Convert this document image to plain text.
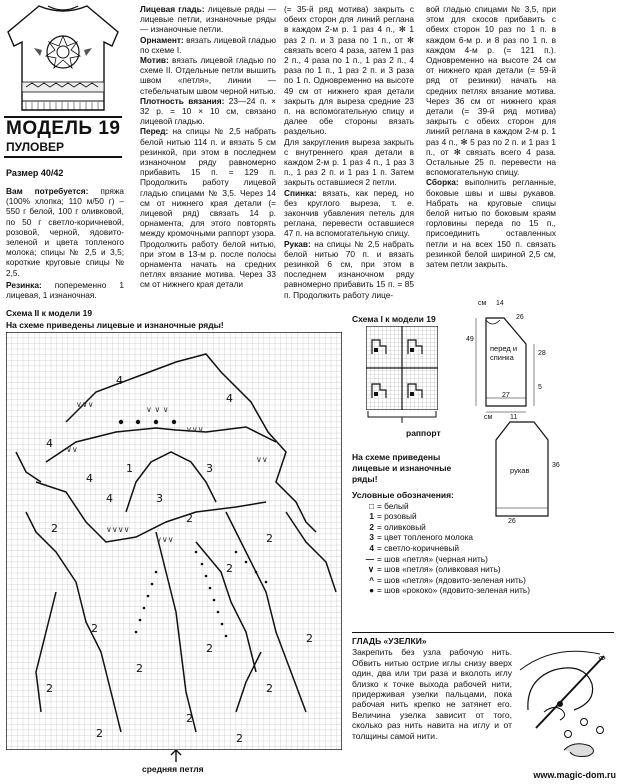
МОДЕЛЬ 19
ПУЛОВЕР
Размер 40/42

Вам потребуется: пряжа (100% хлопка; 110 м/50 г) – 550 г белой, 100 г оливковой, по 50 г светло-коричневой, розовой, черной, ядовито-зеленой и цвета топленого молока; спицы № 2,5 и 3,5; короткие круговые спицы № 2,5.

Резинка: попеременно 1 лицевая, 1 изнаночная.

Лицевая гладь: лицевые ряды — лицевые петли, изнаночные ряды — изнаночные петли.

Орнамент: вязать лицевой гладью по схеме I.

Мотив: вязать лицевой гладью по схеме II. Отдельные петли вышить швом «петля», линии — стебельчатым швом черной нитью.

Плотность вязания: 23—24 п. × 32 р. = 10 × 10 см, связано лицевой гладью.

Перед: на спицы № 2,5 набрать белой нитью 114 п. и вязать 5 см резинкой, при этом в последнем изнаночном ряду равномерно прибавить 15 п. = 129 п. Продолжить работу лицевой гладью спицами № 3,5. Через 14 см от нижнего края детали (= лицевой ряд) связать 14 р. орнамента, для этого повторять между кромочными раппорт узора. Продолжить работу белой нитью, при этом в 13-м р. после полосы орнамента начать на средних петлях вязание мотива. Через 33 см от нижнего края детали

(= 35-й ряд мотива) закрыть с обеих сторон для линий реглана в каждом 2-м р. 1 раз 4 п., ✻ 1 раз 2 п. и 3 раза по 1 п., от ✻ связать всего 4 раза, затем 1 раз 2 п., 4 раза по 1 п., 1 раз 2 п., 4 раза по 1 п., 1 раз 2 п. и 3 раза по 1 п. Одновременно на высоте 49 см от нижнего края детали закрыть для выреза средние 23 п. на вспомогательную спицу и далее обе стороны вязать раздельно.

Для закругления выреза закрыть с внутреннего края детали в каждом 2-м р. 1 раз 4 п., 1 раз 3 п., 1 раз 2 п. и 1 раз 1 п. Затем закрыть оставшиеся 2 петли.

Спинка: вязать, как перед, но без круглого выреза, т. е. закончив убавления петель для реглана, перевести оставшиеся 47 п. на вспомогательную спицу.

Рукав: на спицы № 2,5 набрать белой нитью 70 п. и вязать резинкой 6 см, при этом в последнем изнаночном ряду равномерно прибавить 15 п. = 85 п. Продолжить работу лице-

вой гладью спицами № 3,5, при этом для скосов прибавить с обеих сторон 10 раз по 1 п. в каждом 6-м р. и 8 раз по 1 п. в каждом 4-м р. (= 121 п.). Одновременно на высоте 24 см от нижнего края детали (= 59-й ряд от резинки) начать на средних петлях вязание мотива. Через 36 см от нижнего края детали (= 39-й ряд мотива) закрыть с обеих сторон для линий реглана в каждом 2-м р. 1 раз 4 п., ✻ 5 раз по 2 п. и 1 раз 1 п., от ✻ связать всего 4 раза. Остальные 25 п. перевести на вспомогательную спицу.

Сборка: выполнить регланные, боковые швы и швы рукавов. Набрать на круговые спицы белой нитью по боковым краям горловины переда по 15 п., присоединить оставленных петли и на всех 150 п. связать резинкой белой шириной 2,5 см, затем петли закрыть.

Схема II к модели 19
На схеме приведены лицевые и изнаночные ряды!
4
4
4
4
4
2
2
2
2
2
2
2
2
2
2
2
2
2
3
3
1
∨∨∨
∨∨∨
∨ ∨ ∨
∨∨
∨∨
∨∨∨∨
∨∨∨
средняя петля
Схема I к модели 19
раппорт
На схеме приведены лицевые и изнаночные ряды!
перед и спинка
49
28
27
14
26
5
см
рукав
11
36
26
см
Условные обозначения:
□ = белый
1 = розовый
2 = оливковый
3 = цвет топленого молока
4 = светло-коричневый
— = шов «петля» (черная нить)
∨ = шов «петля» (оливковая нить)
^ = шов «петля» (ядовито-зеленая нить)
● = шов «рококо» (ядовито-зеленая нить)
ГЛАДЬ «УЗЕЛКИ»
Закрепить без узла рабочую нить. Обвить нитью острие иглы снизу вверх один, два или три раза и вколоть иглу близко к точке выхода рабочей нити, придерживая узелки пальцами, пока рабочая нить крепко не затянет его. Величина узелка зависит от того, сколько раз нить навита на иглу и от толщины самой нити.
www.magic-dom.ru
